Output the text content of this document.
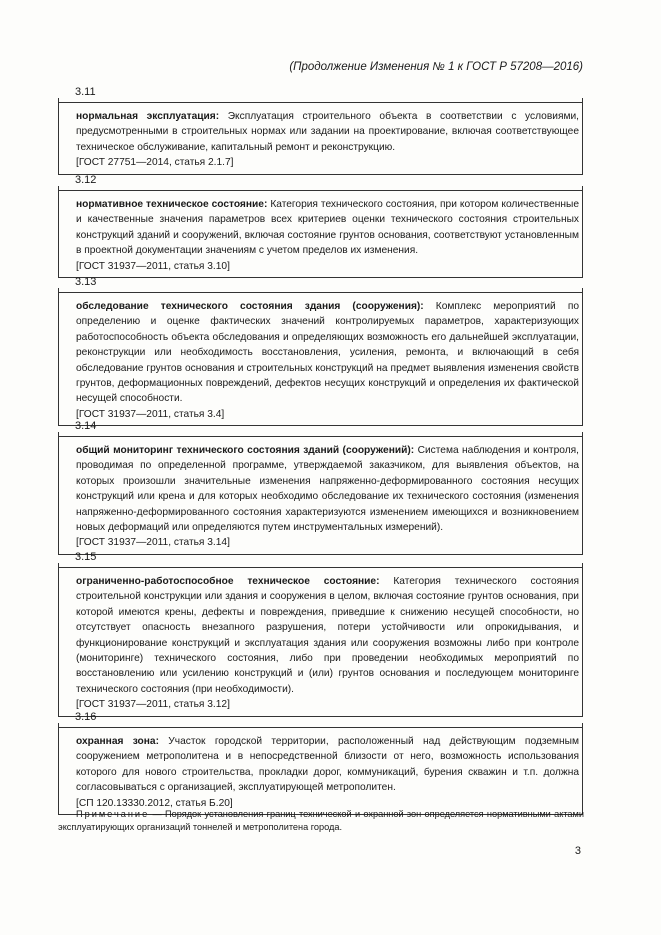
(Продолжение Изменения № 1 к ГОСТ Р 57208—2016)
3.11

нормальная эксплуатация: Эксплуатация строительного объекта в соответствии с условиями, предусмотренными в строительных нормах или задании на проектирование, включая соответствующее техническое обслуживание, капитальный ремонт и реконструкцию.

[ГОСТ 27751—2014, статья 2.1.7]
3.12

нормативное техническое состояние: Категория технического состояния, при котором количественные и качественные значения параметров всех критериев оценки технического состояния строительных конструкций зданий и сооружений, включая состояние грунтов основания, соответствуют установленным в проектной документации значениям с учетом пределов их изменения.

[ГОСТ 31937—2011, статья 3.10]
3.13

обследование технического состояния здания (сооружения): Комплекс мероприятий по определению и оценке фактических значений контролируемых параметров, характеризующих работоспособность объекта обследования и определяющих возможность его дальнейшей эксплуатации, реконструкции или необходимость восстановления, усиления, ремонта, и включающий в себя обследование грунтов основания и строительных конструкций на предмет выявления изменения свойств грунтов, деформационных повреждений, дефектов несущих конструкций и определения их фактической несущей способности.

[ГОСТ 31937—2011, статья 3.4]
3.14

общий мониторинг технического состояния зданий (сооружений): Система наблюдения и контроля, проводимая по определенной программе, утверждаемой заказчиком, для выявления объектов, на которых произошли значительные изменения напряженно-деформированного состояния несущих конструкций или крена и для которых необходимо обследование их технического состояния (изменения напряженно-деформированного состояния характеризуются изменением имеющихся и возникновением новых деформаций или определяются путем инструментальных измерений).

[ГОСТ 31937—2011, статья 3.14]
3.15

ограниченно-работоспособное техническое состояние: Категория технического состояния строительной конструкции или здания и сооружения в целом, включая состояние грунтов основания, при которой имеются крены, дефекты и повреждения, приведшие к снижению несущей способности, но отсутствует опасность внезапного разрушения, потери устойчивости или опрокидывания, и функционирование конструкций и эксплуатация здания или сооружения возможны либо при контроле (мониторинге) технического состояния, либо при проведении необходимых мероприятий по восстановлению или усилению конструкций и (или) грунтов основания и последующем мониторинге технического состояния (при необходимости).

[ГОСТ 31937—2011, статья 3.12]
3.16

охранная зона: Участок городской территории, расположенный над действующим подземным сооружением метрополитена и в непосредственной близости от него, возможность использования которого для нового строительства, прокладки дорог, коммуникаций, бурения скважин и т.п. должна согласовываться с организацией, эксплуатирующей метрополитен.

[СП 120.13330.2012, статья Б.20]
Примечание — Порядок установления границ технической и охранной зон определяется нормативными актами эксплуатирующих организаций тоннелей и метрополитена города.
3
